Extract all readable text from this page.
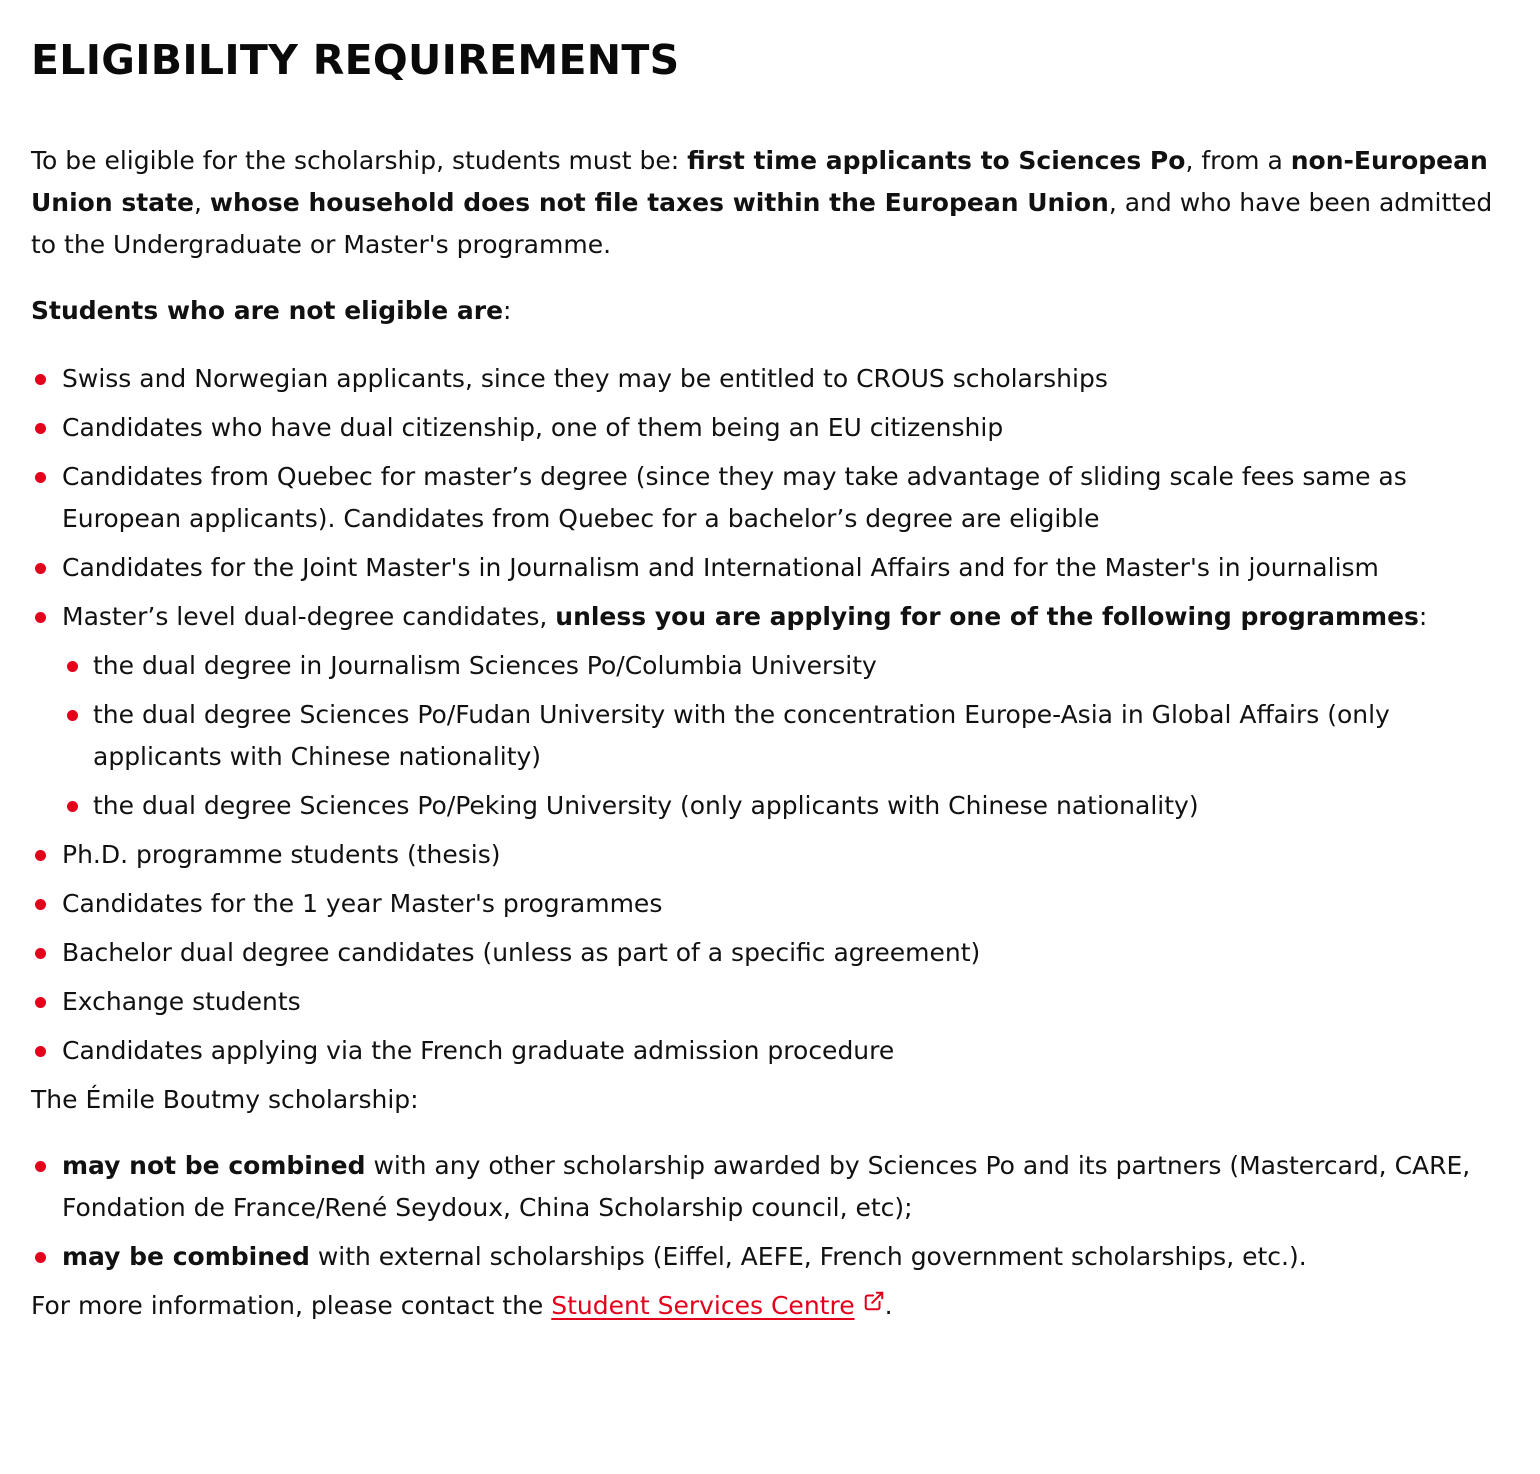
ELIGIBILITY REQUIREMENTS

To be eligible for the scholarship, students must be: first time applicants to Sciences Po, from a non-European Union state, whose household does not file taxes within the European Union, and who have been admitted to the Undergraduate or Master's programme.

Students who are not eligible are:

Swiss and Norwegian applicants, since they may be entitled to CROUS scholarships
Candidates who have dual citizenship, one of them being an EU citizenship
Candidates from Quebec for master’s degree (since they may take advantage of sliding scale fees same as European applicants). Candidates from Quebec for a bachelor’s degree are eligible
Candidates for the Joint Master's in Journalism and International Affairs and for the Master's in journalism
Master’s level dual-degree candidates, unless you are applying for one of the following programmes:
the dual degree in Journalism Sciences Po/Columbia University
the dual degree Sciences Po/Fudan University with the concentration Europe-Asia in Global Affairs (only applicants with Chinese nationality)
the dual degree Sciences Po/Peking University (only applicants with Chinese nationality)
Ph.D. programme students (thesis)
Candidates for the 1 year Master's programmes
Bachelor dual degree candidates (unless as part of a specific agreement)
Exchange students
Candidates applying via the French graduate admission procedure

The Émile Boutmy scholarship:

may not be combined with any other scholarship awarded by Sciences Po and its partners (Mastercard, CARE, Fondation de France/René Seydoux, China Scholarship council, etc);
may be combined with external scholarships (Eiffel, AEFE, French government scholarships, etc.).

For more information, please contact the Student Services Centre .
